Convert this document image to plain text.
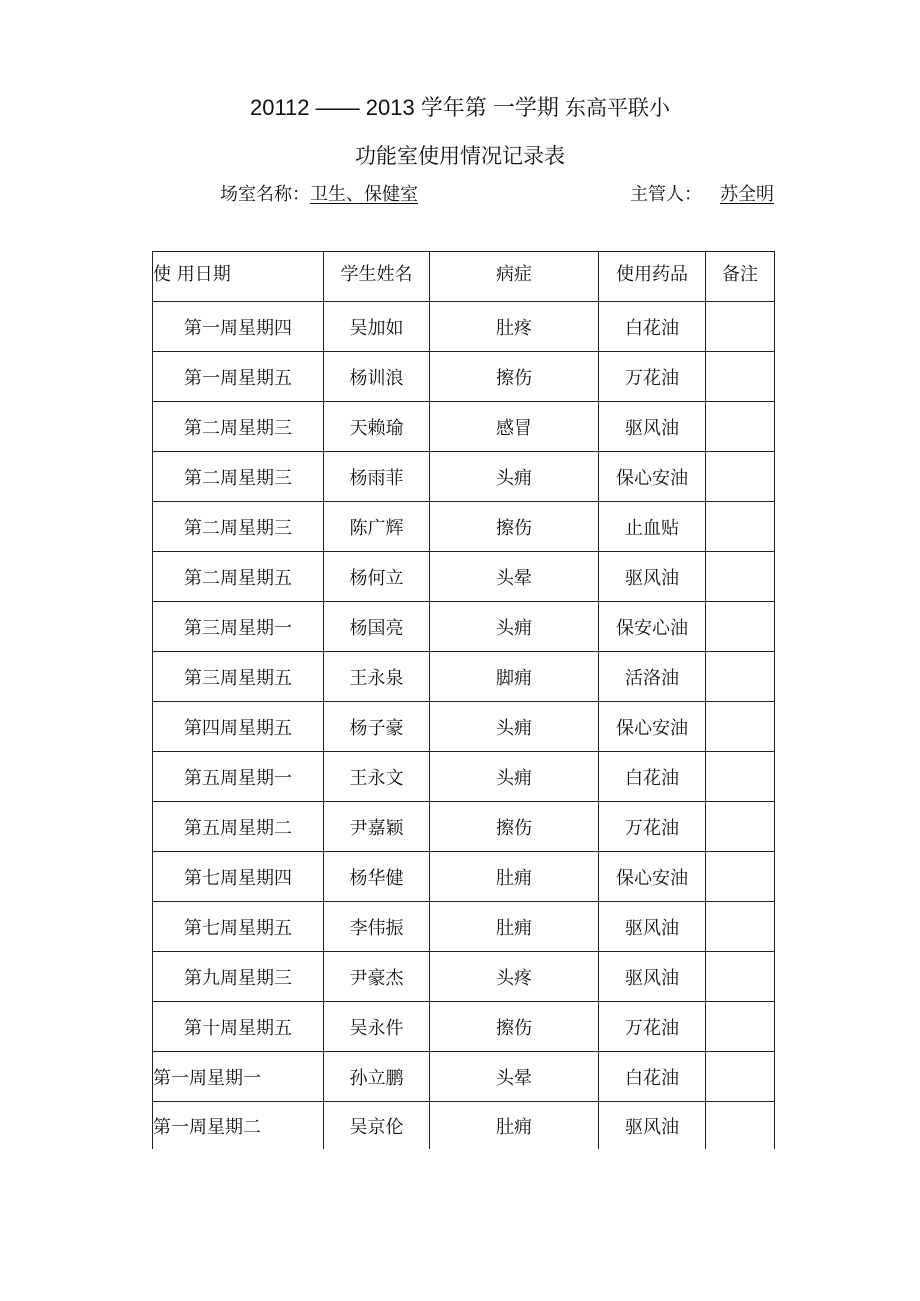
20112 —— 2013 学年第 一学期 东高平联小
功能室使用情况记录表
场室名称：卫生、保健室	主管人： 苏全明
使 用日期	学生姓名	病症	使用药品	备注
第一周星期四	吴加如	肚疼	白花油	
第一周星期五	杨训浪	擦伤	万花油	
第二周星期三	天赖瑜	感冒	驱风油	
第二周星期三	杨雨菲	头痈	保心安油	
第二周星期三	陈广辉	擦伤	止血贴	
第二周星期五	杨何立	头晕	驱风油	
第三周星期一	杨国亮	头痈	保安心油	
第三周星期五	王永泉	脚痈	活洛油	
第四周星期五	杨子豪	头痈	保心安油	
第五周星期一	王永文	头痈	白花油	
第五周星期二	尹嘉颖	擦伤	万花油	
第七周星期四	杨华健	肚痈	保心安油	
第七周星期五	李伟振	肚痈	驱风油	
第九周星期三	尹豪杰	头疼	驱风油	
第十周星期五	吴永件	擦伤	万花油	
第一周星期一	孙立鹏	头晕	白花油	
第一周星期二	吴京伦	肚痈	驱风油	
